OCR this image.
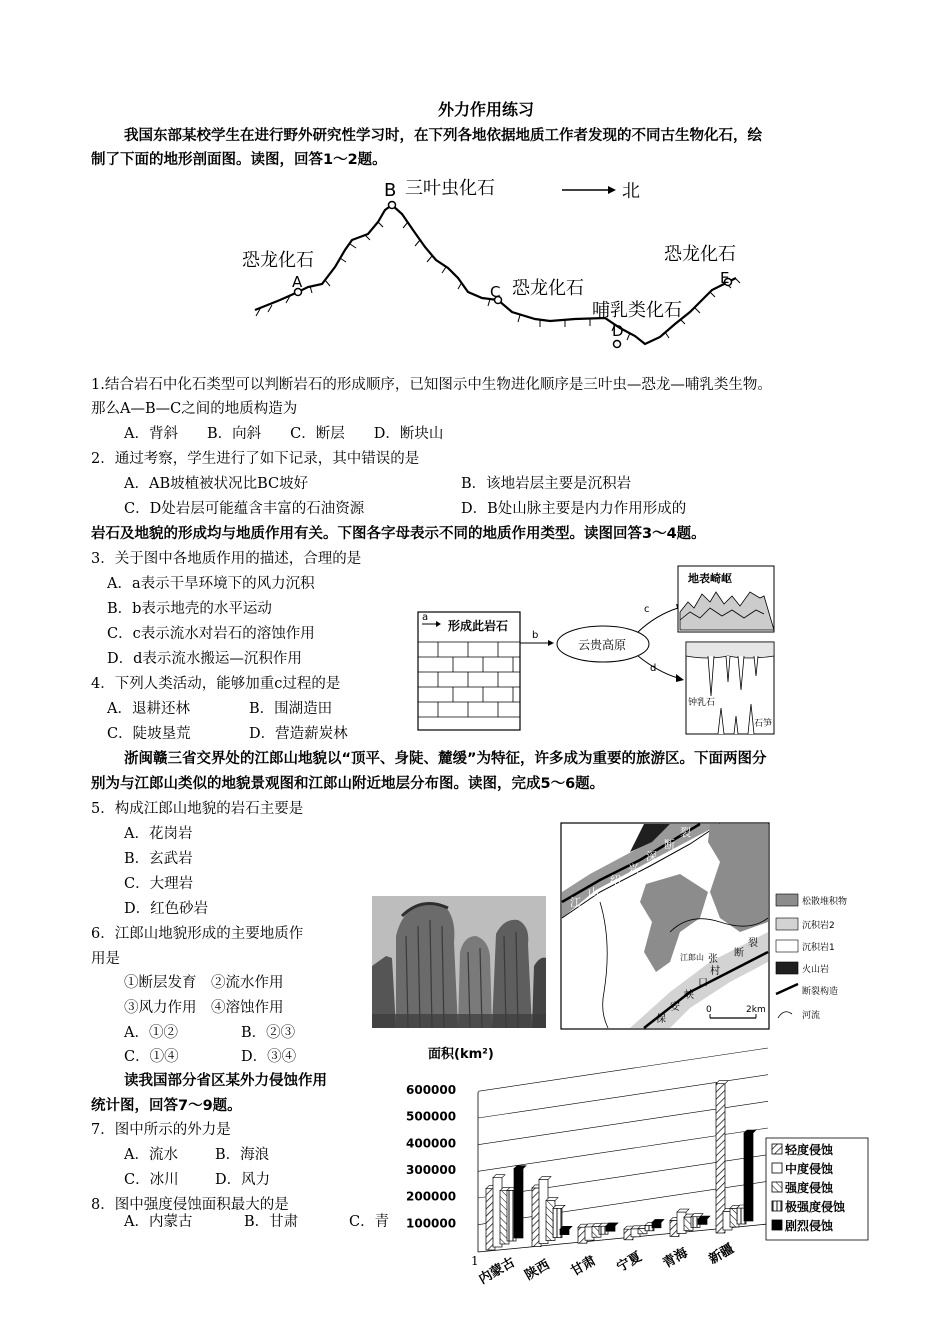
外力作用练习
我国东部某校学生在进行野外研究性学习时，在下列各地依据地质工作者发现的不同古生物化石，绘
制了下面的地形剖面图。读图，回答1～2题。
B 三叶虫化石	北
恐龙化石
A
C 恐龙化石
哺乳类化石
D
恐龙化石
E
1.结合岩石中化石类型可以判断岩石的形成顺序，已知图示中生物进化顺序是三叶虫—恐龙—哺乳类生物。
那么A—B—C之间的地质构造为
A．背斜　　B．向斜　　C．断层　　D．断块山
2．通过考察，学生进行了如下记录，其中错误的是
A．AB坡植被状况比BC坡好	B．该地岩层主要是沉积岩
C．D处岩层可能蕴含丰富的石油资源	D．B处山脉主要是内力作用形成的
岩石及地貌的形成均与地质作用有关。下图各字母表示不同的地质作用类型。读图回答3～4题。
3．关于图中各地质作用的描述，合理的是
A．a表示干旱环境下的风力沉积
B．b表示地壳的水平运动
C．c表示流水对岩石的溶蚀作用
D．d表示流水搬运—沉积作用
4．下列人类活动，能够加重c过程的是
A．退耕还林	B．围湖造田
C．陡坡垦荒	D．营造薪炭林
a
形成此岩石
b
云贵高原
c
d
地表崎岖
钟乳石
石笋
浙闽赣三省交界处的江郎山地貌以“顶平、身陡、麓缓”为特征，许多成为重要的旅游区。下面两图分
别为与江郎山类似的地貌景观图和江郎山附近地层分布图。读图，完成5～6题。
5．构成江郎山地貌的岩石主要是
A．花岗岩
B．玄武岩
C．大理岩
D．红色砂岩
6．江郎山地貌形成的主要地质作
用是
①断层发育　②流水作用
③风力作用　④溶蚀作用
A．①②	B．②③
C．①④	D．③④
江
山
绍
兴
深
断
裂
保
安
峡
口
村
张
断
裂
江郎山
0	2km
松散堆积物
沉积岩2
沉积岩1
火山岩
断裂构造
河流
读我国部分省区某外力侵蚀作用
统计图，回答7～9题。
7．图中所示的外力是
A．流水	B．海浪
C．冰川	D．风力
8．图中强度侵蚀面积最大的是
A．内蒙古	B．甘肃	C．青
面积(km²)
600000
500000
400000
300000
200000
100000
内蒙古 陕西 甘肃 宁夏 青海 新疆
轻度侵蚀
中度侵蚀
强度侵蚀
极强度侵蚀
剧烈侵蚀
1
